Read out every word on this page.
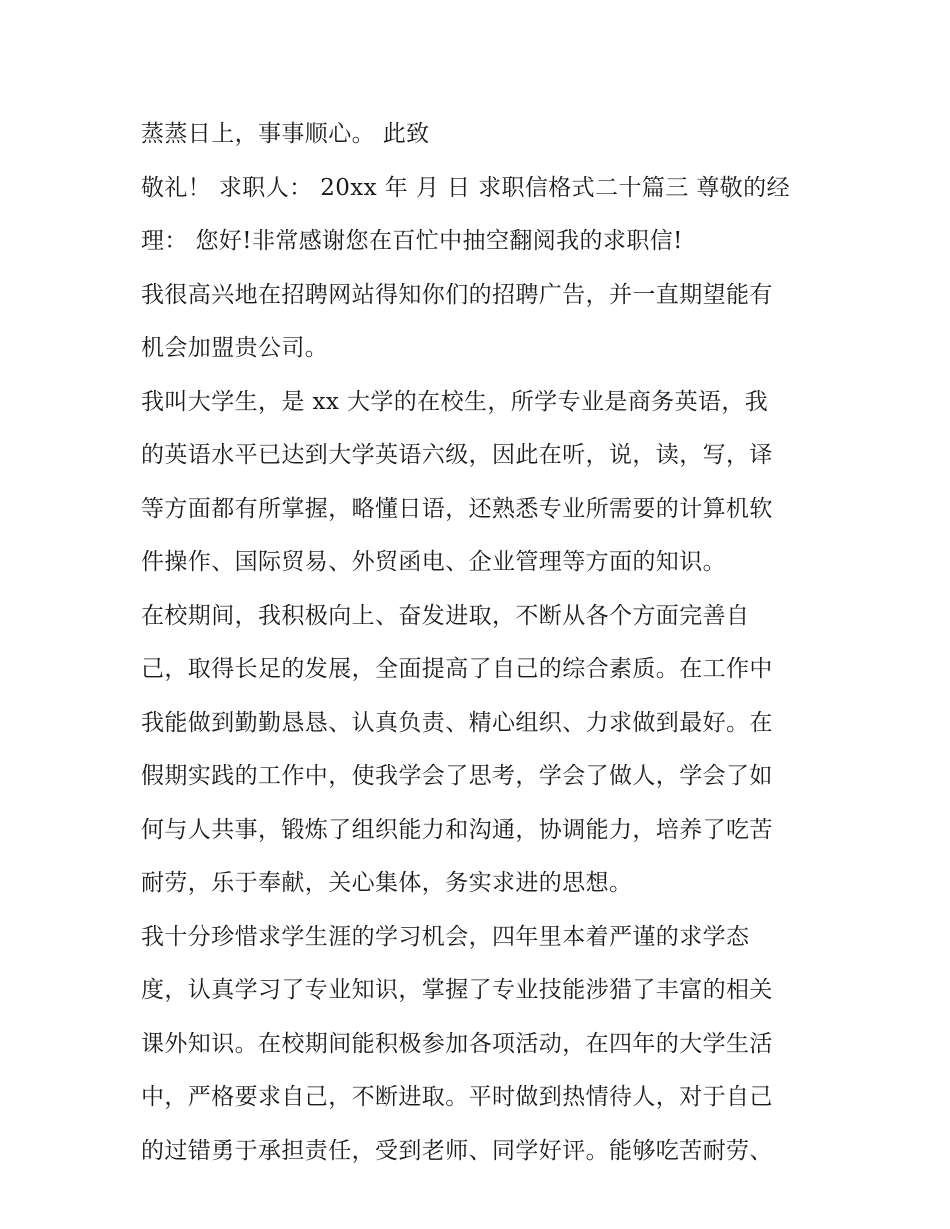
蒸蒸日上，事事顺心。 此致
敬礼！ 求职人： 20xx 年 月 日 求职信格式二十篇三 尊敬的经
理： 您好!非常感谢您在百忙中抽空翻阅我的求职信!
我很高兴地在招聘网站得知你们的招聘广告，并一直期望能有
机会加盟贵公司。
我叫大学生，是 xx 大学的在校生，所学专业是商务英语，我
的英语水平已达到大学英语六级，因此在听，说，读，写，译
等方面都有所掌握，略懂日语，还熟悉专业所需要的计算机软
件操作、国际贸易、外贸函电、企业管理等方面的知识。
在校期间，我积极向上、奋发进取，不断从各个方面完善自
己，取得长足的发展，全面提高了自己的综合素质。在工作中
我能做到勤勤恳恳、认真负责、精心组织、力求做到最好。在
假期实践的工作中，使我学会了思考，学会了做人，学会了如
何与人共事，锻炼了组织能力和沟通，协调能力，培养了吃苦
耐劳，乐于奉献，关心集体，务实求进的思想。
我十分珍惜求学生涯的学习机会，四年里本着严谨的求学态
度，认真学习了专业知识，掌握了专业技能涉猎了丰富的相关
课外知识。在校期间能积极参加各项活动，在四年的大学生活
中，严格要求自己，不断进取。平时做到热情待人，对于自己
的过错勇于承担责任，受到老师、同学好评。能够吃苦耐劳、
